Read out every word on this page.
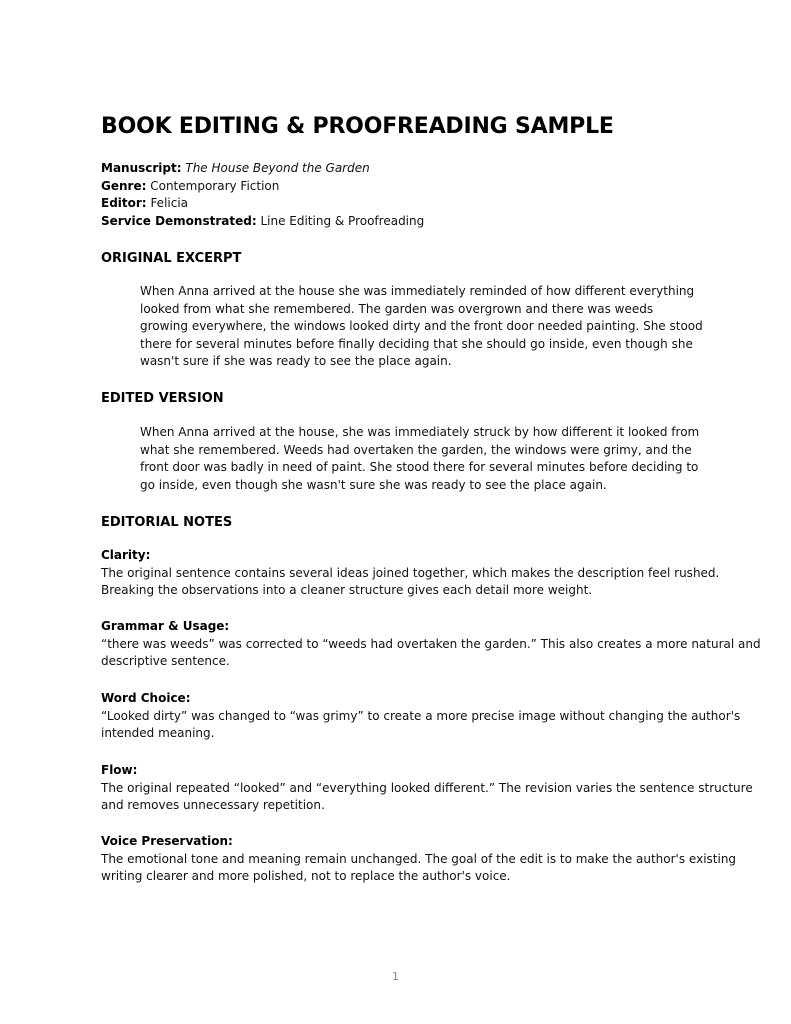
BOOK EDITING & PROOFREADING SAMPLE
Manuscript: The House Beyond the Garden
Genre: Contemporary Fiction
Editor: Felicia
Service Demonstrated: Line Editing & Proofreading
ORIGINAL EXCERPT

When Anna arrived at the house she was immediately reminded of how different everything
looked from what she remembered. The garden was overgrown and there was weeds
growing everywhere, the windows looked dirty and the front door needed painting. She stood
there for several minutes before finally deciding that she should go inside, even though she
wasn't sure if she was ready to see the place again.

EDITED VERSION

When Anna arrived at the house, she was immediately struck by how different it looked from
what she remembered. Weeds had overtaken the garden, the windows were grimy, and the
front door was badly in need of paint. She stood there for several minutes before deciding to
go inside, even though she wasn't sure she was ready to see the place again.

EDITORIAL NOTES
Clarity:
The original sentence contains several ideas joined together, which makes the description feel rushed.
Breaking the observations into a cleaner structure gives each detail more weight.
Grammar & Usage:
“there was weeds” was corrected to “weeds had overtaken the garden.” This also creates a more natural and
descriptive sentence.
Word Choice:
“Looked dirty” was changed to “was grimy” to create a more precise image without changing the author's
intended meaning.
Flow:
The original repeated “looked” and “everything looked different.” The revision varies the sentence structure
and removes unnecessary repetition.
Voice Preservation:
The emotional tone and meaning remain unchanged. The goal of the edit is to make the author's existing
writing clearer and more polished, not to replace the author's voice.
1
